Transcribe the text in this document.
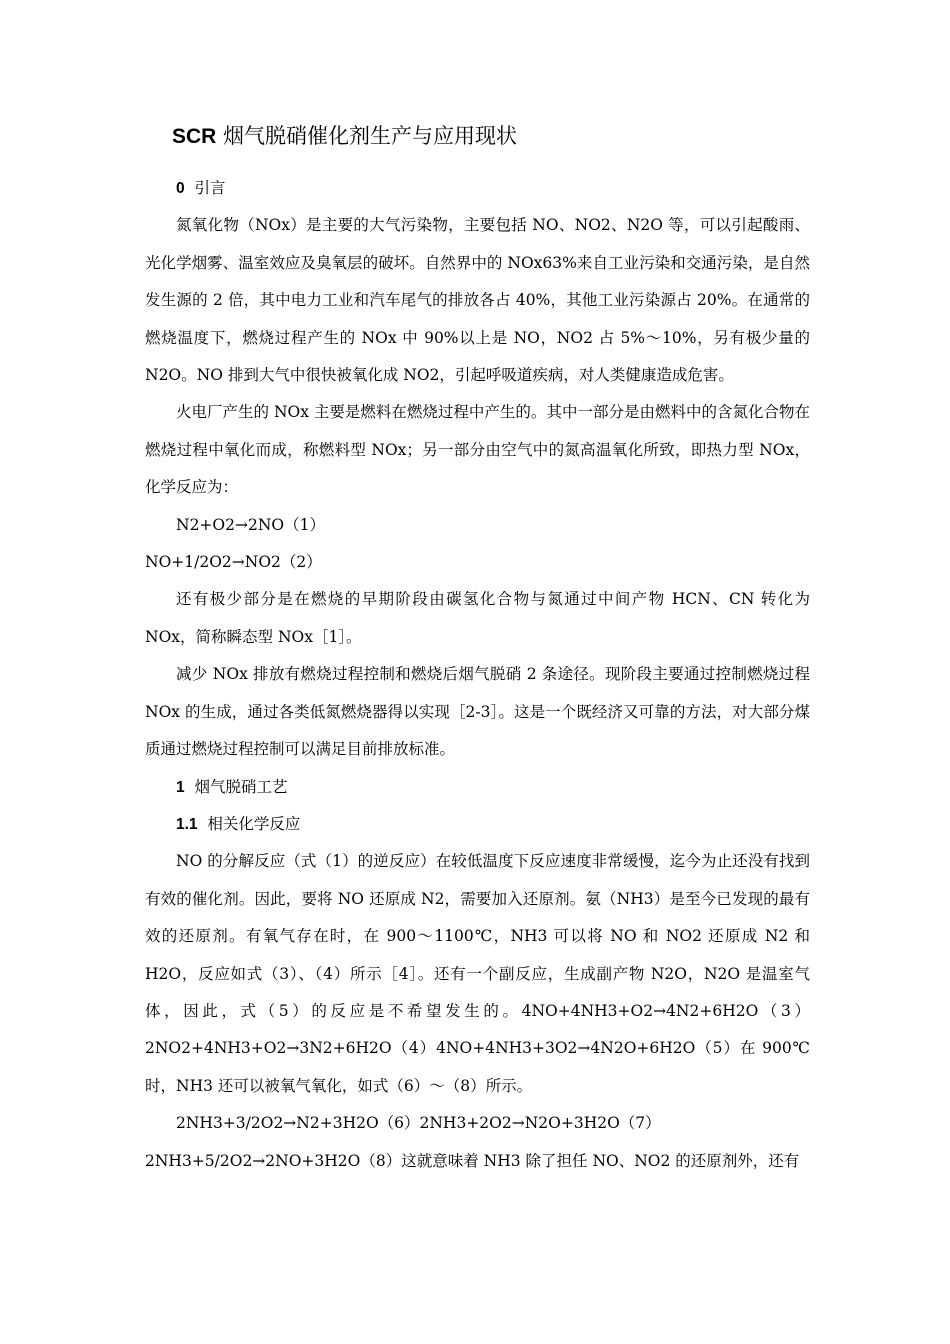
SCR 烟气脱硝催化剂生产与应用现状

0 引言

氮氧化物（NOx）是主要的大气污染物，主要包括 NO、NO2、N2O 等，可以引起酸雨、光化学烟雾、温室效应及臭氧层的破坏。自然界中的 NOx63%来自工业污染和交通污染，是自然发生源的 2 倍，其中电力工业和汽车尾气的排放各占 40%，其他工业污染源占 20%。在通常的燃烧温度下，燃烧过程产生的 NOx 中 90%以上是 NO，NO2 占 5%～10%，另有极少量的 N2O。NO 排到大气中很快被氧化成 NO2，引起呼吸道疾病，对人类健康造成危害。

火电厂产生的 NOx 主要是燃料在燃烧过程中产生的。其中一部分是由燃料中的含氮化合物在燃烧过程中氧化而成，称燃料型 NOx；另一部分由空气中的氮高温氧化所致，即热力型 NOx，化学反应为：

N2+O2→2NO（1）

NO+1/2O2→NO2（2）

还有极少部分是在燃烧的早期阶段由碳氢化合物与氮通过中间产物 HCN、CN 转化为 NOx，简称瞬态型 NOx［1］。

减少 NOx 排放有燃烧过程控制和燃烧后烟气脱硝 2 条途径。现阶段主要通过控制燃烧过程 NOx 的生成，通过各类低氮燃烧器得以实现［2-3］。这是一个既经济又可靠的方法，对大部分煤质通过燃烧过程控制可以满足目前排放标准。

1 烟气脱硝工艺

1.1 相关化学反应

NO 的分解反应（式（1）的逆反应）在较低温度下反应速度非常缓慢，迄今为止还没有找到有效的催化剂。因此，要将 NO 还原成 N2，需要加入还原剂。氨（NH3）是至今已发现的最有效的还原剂。有氧气存在时，在 900～1100℃，NH3 可以将 NO 和 NO2 还原成 N2 和 H2O，反应如式（3）、（4）所示［4］。还有一个副反应，生成副产物 N2O，N2O 是温室气体，因此，式（5）的反应是不希望发生的。4NO+4NH3+O2→4N2+6H2O（3）2NO2+4NH3+O2→3N2+6H2O（4）4NO+4NH3+3O2→4N2O+6H2O（5）在 900℃时，NH3 还可以被氧气氧化，如式（6）～（8）所示。

2NH3+3/2O2→N2+3H2O（6）2NH3+2O2→N2O+3H2O（7）

2NH3+5/2O2→2NO+3H2O（8）这就意味着 NH3 除了担任 NO、NO2 的还原剂外，还有
